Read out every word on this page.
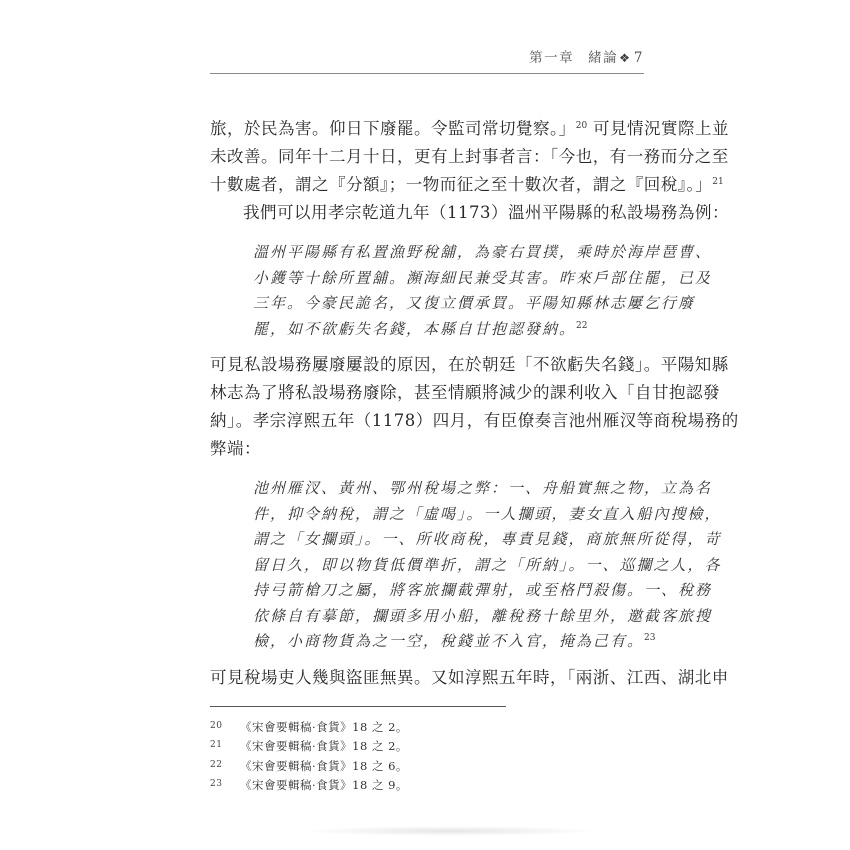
第一章 緒論❖ 7
旅，於民為害。仰日下廢罷。令監司常切覺察。」$^{20}$ 可見情況實際上並
未改善。同年十二月十日，更有上封事者言：「今也，有一務而分之至
十數處者，謂之『分額』；一物而征之至十數次者，謂之『回稅』。」$^{21}$
我們可以用孝宗乾道九年（1173）溫州平陽縣的私設場務為例：
溫州平陽縣有私置漁野稅舖，為豪右買撲，乘時於海岸琶曹、
小鑊等十餘所置舖。瀕海細民兼受其害。昨來戶部住罷，已及
三年。今豪民詭名，又復立價承買。平陽知縣林志屢乞行廢
罷，如不欲虧失名錢，本縣自甘抱認發納。$^{22}$
可見私設場務屢廢屢設的原因，在於朝廷「不欲虧失名錢」。平陽知縣
林志為了將私設場務廢除，甚至情願將減少的課利收入「自甘抱認發
納」。孝宗淳熙五年（1178）四月，有臣僚奏言池州雁汊等商稅場務的
弊端：
池州雁汊、黃州、鄂州稅場之弊：一、舟船實無之物，立為名
件，抑令納稅，謂之「虛喝」。一人攔頭，妻女直入船內搜檢，
謂之「女攔頭」。一、所收商稅，專責見錢，商旅無所從得，苛
留日久，即以物貨低價準折，謂之「所納」。一、巡攔之人，各
持弓箭槍刀之屬，將客旅攔截彈射，或至格鬥殺傷。一、稅務
依條自有摹節，攔頭多用小船，離稅務十餘里外，邀截客旅搜
檢，小商物貨為之一空，稅錢並不入官，掩為己有。$^{23}$
可見稅場吏人幾與盜匪無異。又如淳熙五年時，「兩浙、江西、湖北申
20 《宋會要輯稿·食貨》18 之 2。
21 《宋會要輯稿·食貨》18 之 2。
22 《宋會要輯稿·食貨》18 之 6。
23 《宋會要輯稿·食貨》18 之 9。
